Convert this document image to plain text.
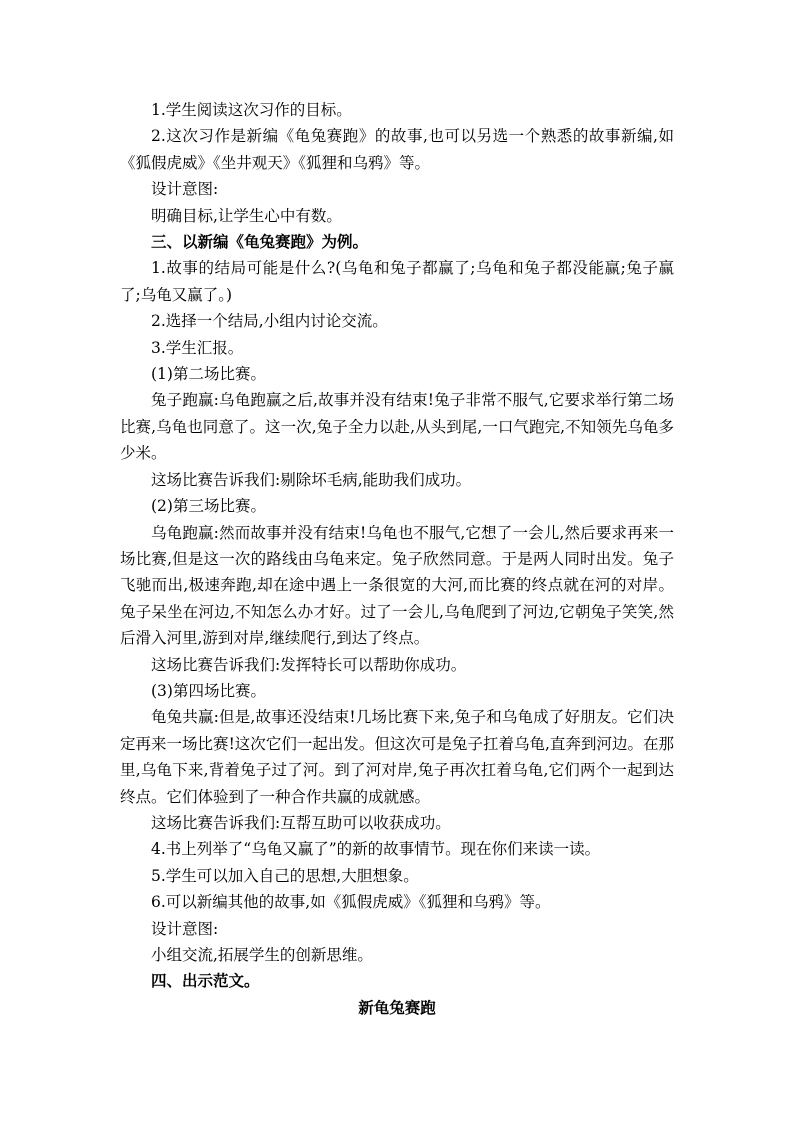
1.学生阅读这次习作的目标。

2.这次习作是新编《龟兔赛跑》的故事,也可以另选一个熟悉的故事新编,如《狐假虎威》《坐井观天》《狐狸和乌鸦》等。

设计意图:

明确目标,让学生心中有数。

三、以新编《龟兔赛跑》为例。

1.故事的结局可能是什么?(乌龟和兔子都赢了;乌龟和兔子都没能赢;兔子赢了;乌龟又赢了。)

2.选择一个结局,小组内讨论交流。

3.学生汇报。

(1)第二场比赛。

兔子跑赢:乌龟跑赢之后,故事并没有结束!兔子非常不服气,它要求举行第二场比赛,乌龟也同意了。这一次,兔子全力以赴,从头到尾,一口气跑完,不知领先乌龟多少米。

这场比赛告诉我们:剔除坏毛病,能助我们成功。

(2)第三场比赛。

乌龟跑赢:然而故事并没有结束!乌龟也不服气,它想了一会儿,然后要求再来一场比赛,但是这一次的路线由乌龟来定。兔子欣然同意。于是两人同时出发。兔子飞驰而出,极速奔跑,却在途中遇上一条很宽的大河,而比赛的终点就在河的对岸。兔子呆坐在河边,不知怎么办才好。过了一会儿,乌龟爬到了河边,它朝兔子笑笑,然后滑入河里,游到对岸,继续爬行,到达了终点。

这场比赛告诉我们:发挥特长可以帮助你成功。

(3)第四场比赛。

龟兔共赢:但是,故事还没结束!几场比赛下来,兔子和乌龟成了好朋友。它们决定再来一场比赛!这次它们一起出发。但这次可是兔子扛着乌龟,直奔到河边。在那里,乌龟下来,背着兔子过了河。到了河对岸,兔子再次扛着乌龟,它们两个一起到达终点。它们体验到了一种合作共赢的成就感。

这场比赛告诉我们:互帮互助可以收获成功。

4.书上列举了“乌龟又赢了”的新的故事情节。现在你们来读一读。

5.学生可以加入自己的思想,大胆想象。

6.可以新编其他的故事,如《狐假虎威》《狐狸和乌鸦》等。

设计意图:

小组交流,拓展学生的创新思维。

四、出示范文。

新龟兔赛跑
